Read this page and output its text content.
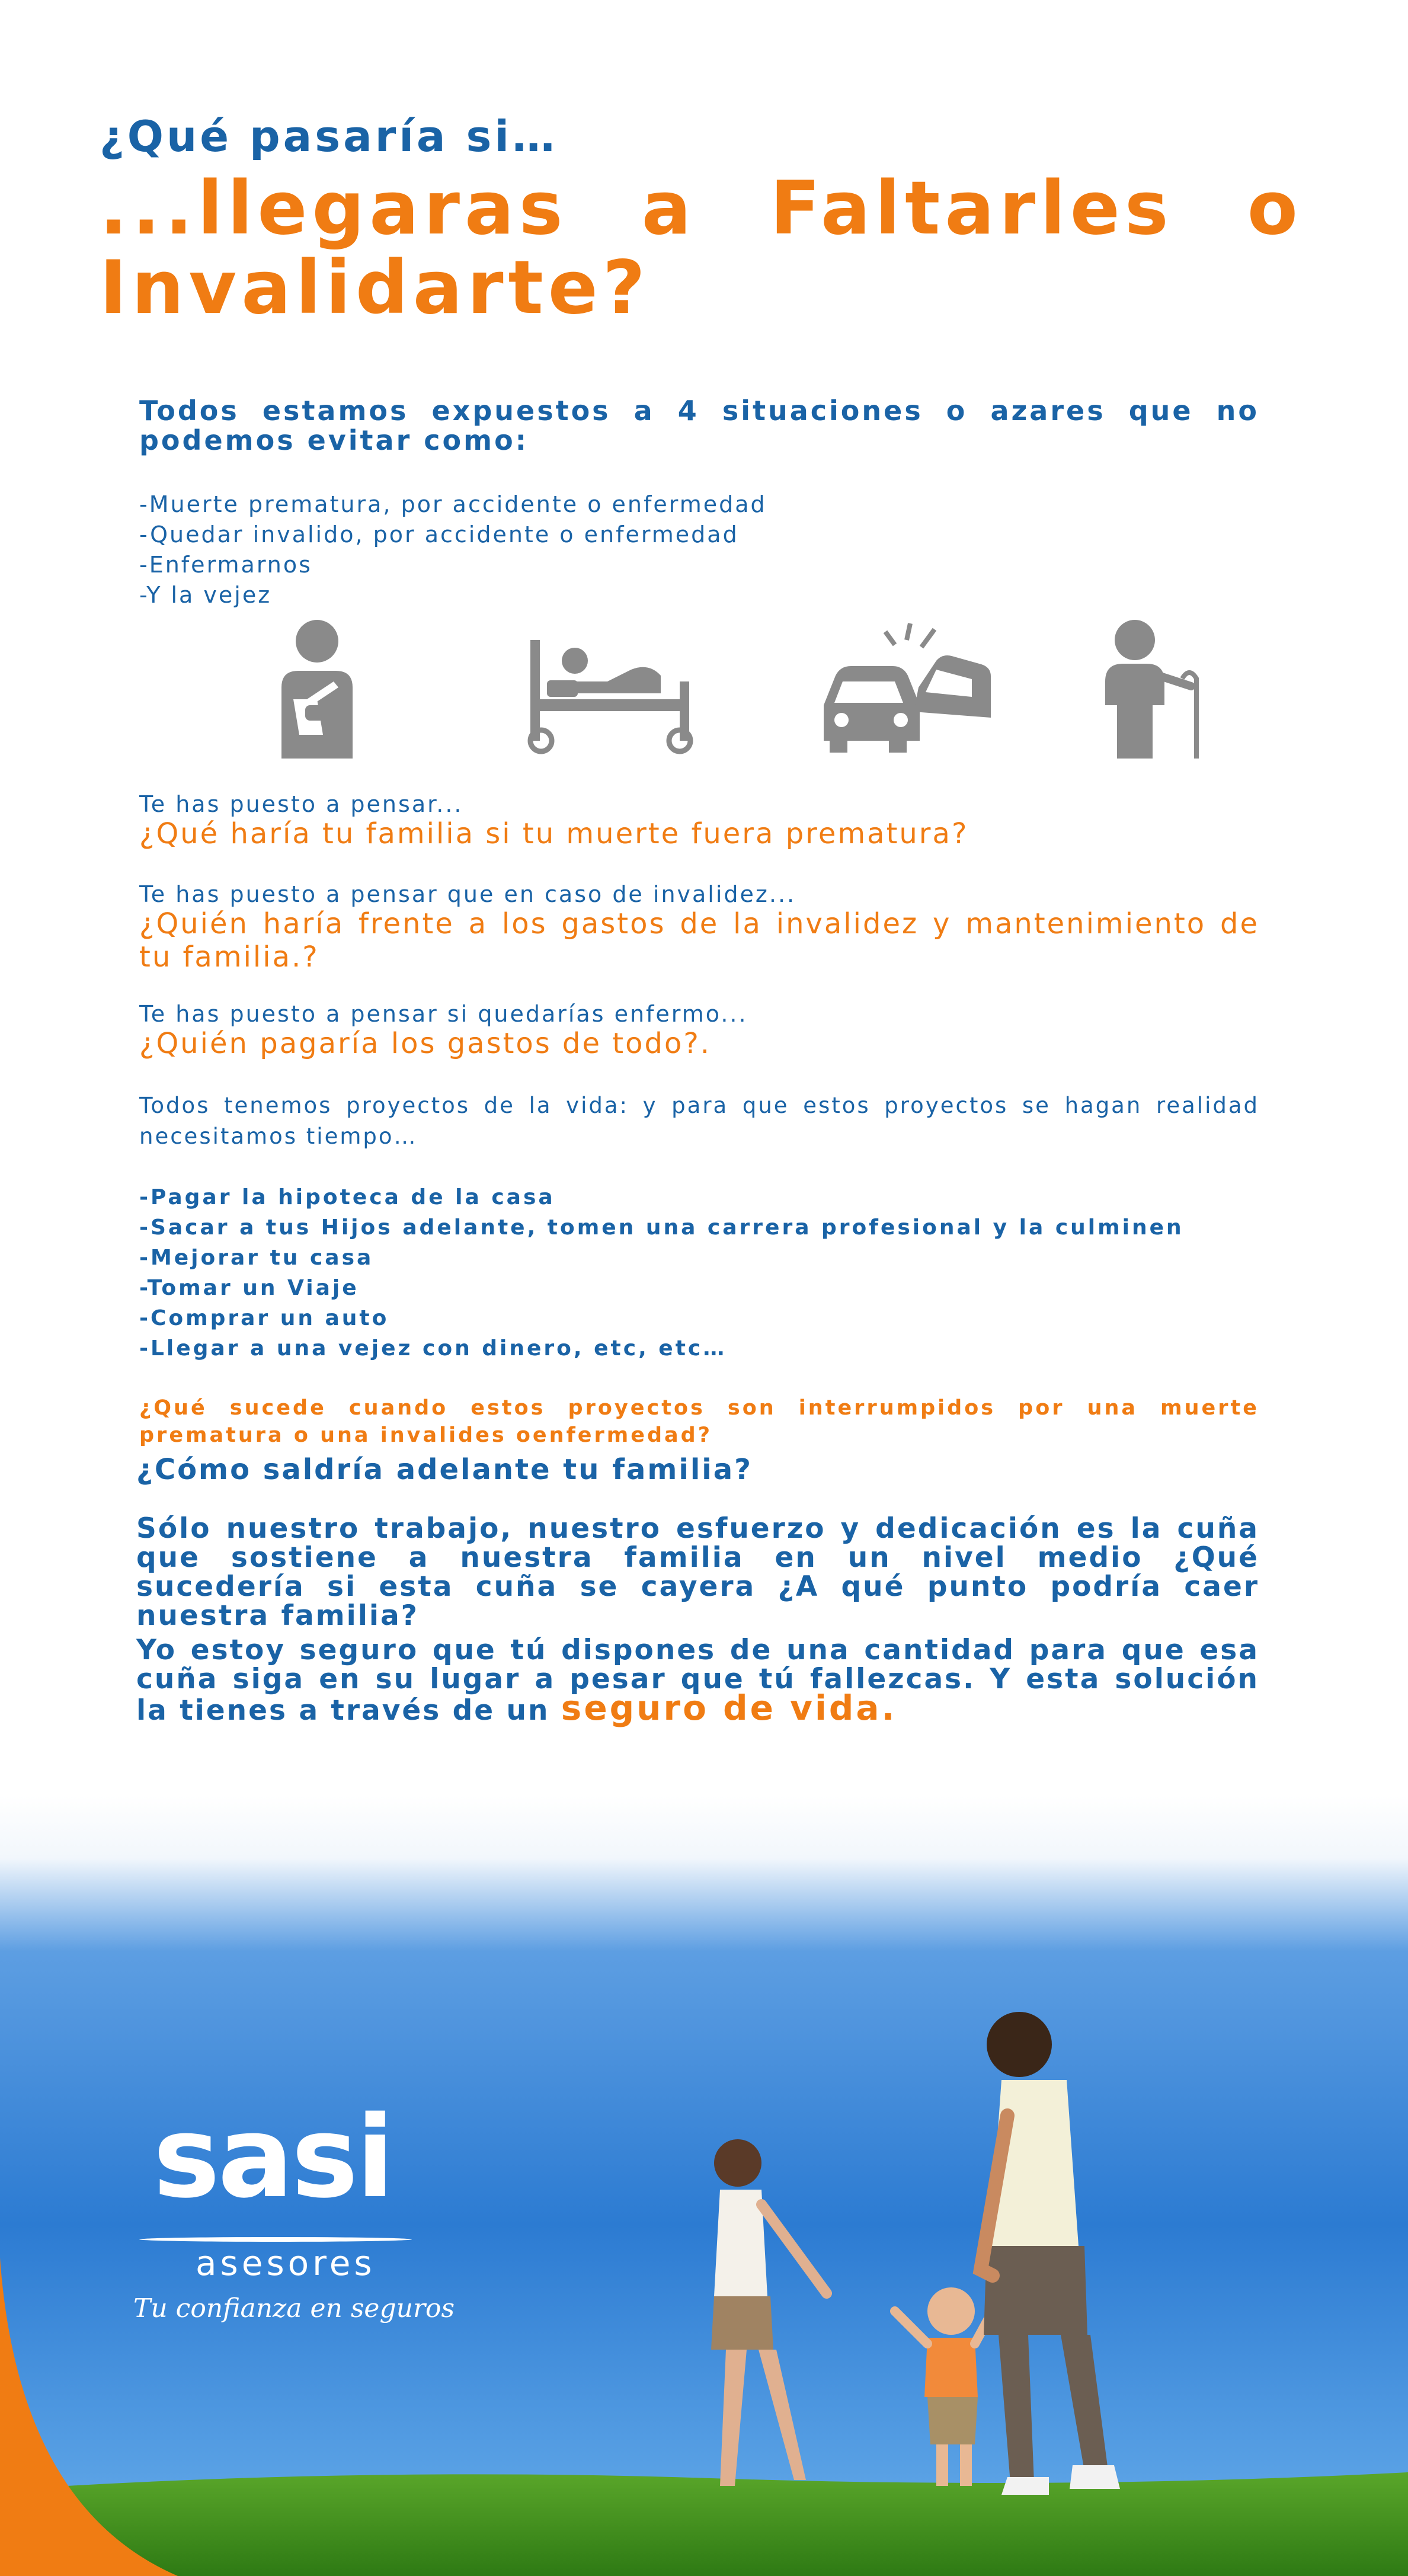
¿Qué pasaría si…
...llegaras a Faltarles o Invalidarte?
Todos estamos expuestos a 4 situaciones o azares que no podemos evitar como:
-Muerte prematura, por accidente o enfermedad
-Quedar invalido, por accidente o enfermedad
-Enfermarnos
-Y la vejez
Te has puesto a pensar...
¿Qué haría tu familia si tu muerte fuera prematura?
Te has puesto a pensar que en caso de invalidez...
¿Quién haría frente a los gastos de la invalidez y mantenimiento de tu familia.?
Te has puesto a pensar si quedarías enfermo...
¿Quién pagaría los gastos de todo?.
Todos tenemos proyectos de la vida: y para que estos proyectos se hagan realidad necesitamos tiempo…
-Pagar la hipoteca de la casa
-Sacar a tus Hijos adelante, tomen una carrera profesional y la culminen
-Mejorar tu casa
-Tomar un Viaje
-Comprar un auto
-Llegar a una vejez con dinero, etc, etc…
¿Qué sucede cuando estos proyectos son interrumpidos por una muerte prematura o una invalides oenfermedad?
¿Cómo saldría adelante tu familia?
Sólo nuestro trabajo, nuestro esfuerzo y dedicación es la cuña que sostiene a nuestra familia en un nivel medio ¿Qué sucedería si esta cuña se cayera ¿A qué punto podría caer nuestra familia?
Yo estoy seguro que tú dispones de una cantidad para que esa cuña siga en su lugar a pesar que tú fallezcas. Y esta solución la tienes a través de un seguro de vida.
sasi
asesores
Tu confianza en seguros
